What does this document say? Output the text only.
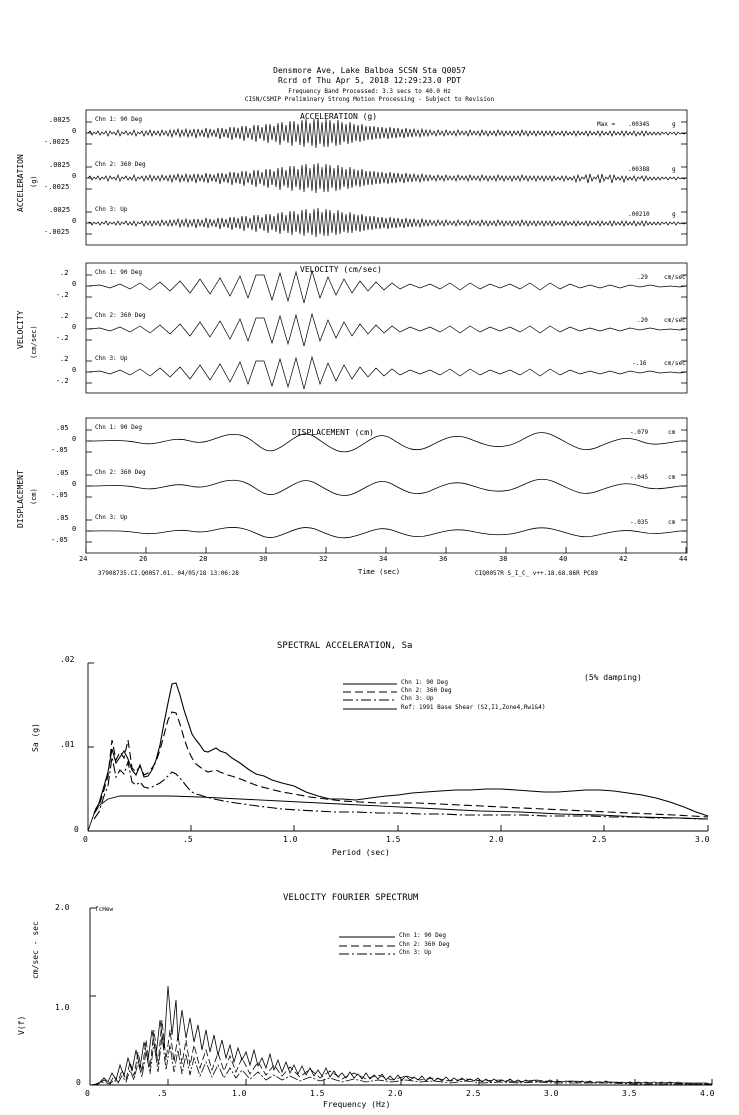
Densmore Ave, Lake Balboa SCSN Sta Q0057
Rcrd of Thu Apr 5, 2018 12:29:23.0 PDT
Frequency Band Processed: 3.3 secs to 40.0 Hz
CISN/CSMIP Preliminary Strong Motion Processing - Subject to Revision
ACCELERATION (g)
ACCELERATION (g)
.0025
0
-.0025
.0025
0
-.0025
.0025
0
-.0025
Chn 1: 90 Deg
Chn 2: 360 Deg
Chn 3: Up
Max = .00345	g
.00388	g
.00210	g
VELOCITY (cm/sec)
VELOCITY (cm/sec)
.2
0
-.2
.2
0
-.2
.2
0
-.2
Chn 1: 90 Deg
Chn 2: 360 Deg
Chn 3: Up
.29	cm/sec
.20	cm/sec
-.16	cm/sec
DISPLACEMENT (cm)
DISPLACEMENT (cm)
.05
0
-.05
.05
0
-.05
.05
0
-.05
Chn 1: 90 Deg
Chn 2: 360 Deg
Chn 3: Up
-.079	cm
-.045	cm
-.035	cm
24	26	28	30	32	34	36	38	40	42	44
37908735.CI.Q0057.01. 04/05/18 13:06:28	Time (sec)	CIQ0057R S_I_C_ v++.18.68.86R PC89
SPECTRAL ACCELERATION, Sa
(5% damping)
Sa (g)
Period (sec)
.02
.01
0
0	.5	1.0	1.5	2.0	2.5	3.0
Chn 1: 90 Deg
Chn 2: 360 Deg
Chn 3: Up
Ref: 1991 Base Shear (S2,I1,Zone4,Rw1&4)
VELOCITY FOURIER SPECTRUM
fcHew
V(f)
cm/sec - sec
Frequency (Hz)
2.0
1.0
0
0	.5	1.0	1.5	2.0	2.5	3.0	3.5	4.0
Chn 1: 90 Deg
Chn 2: 360 Deg
Chn 3: Up
